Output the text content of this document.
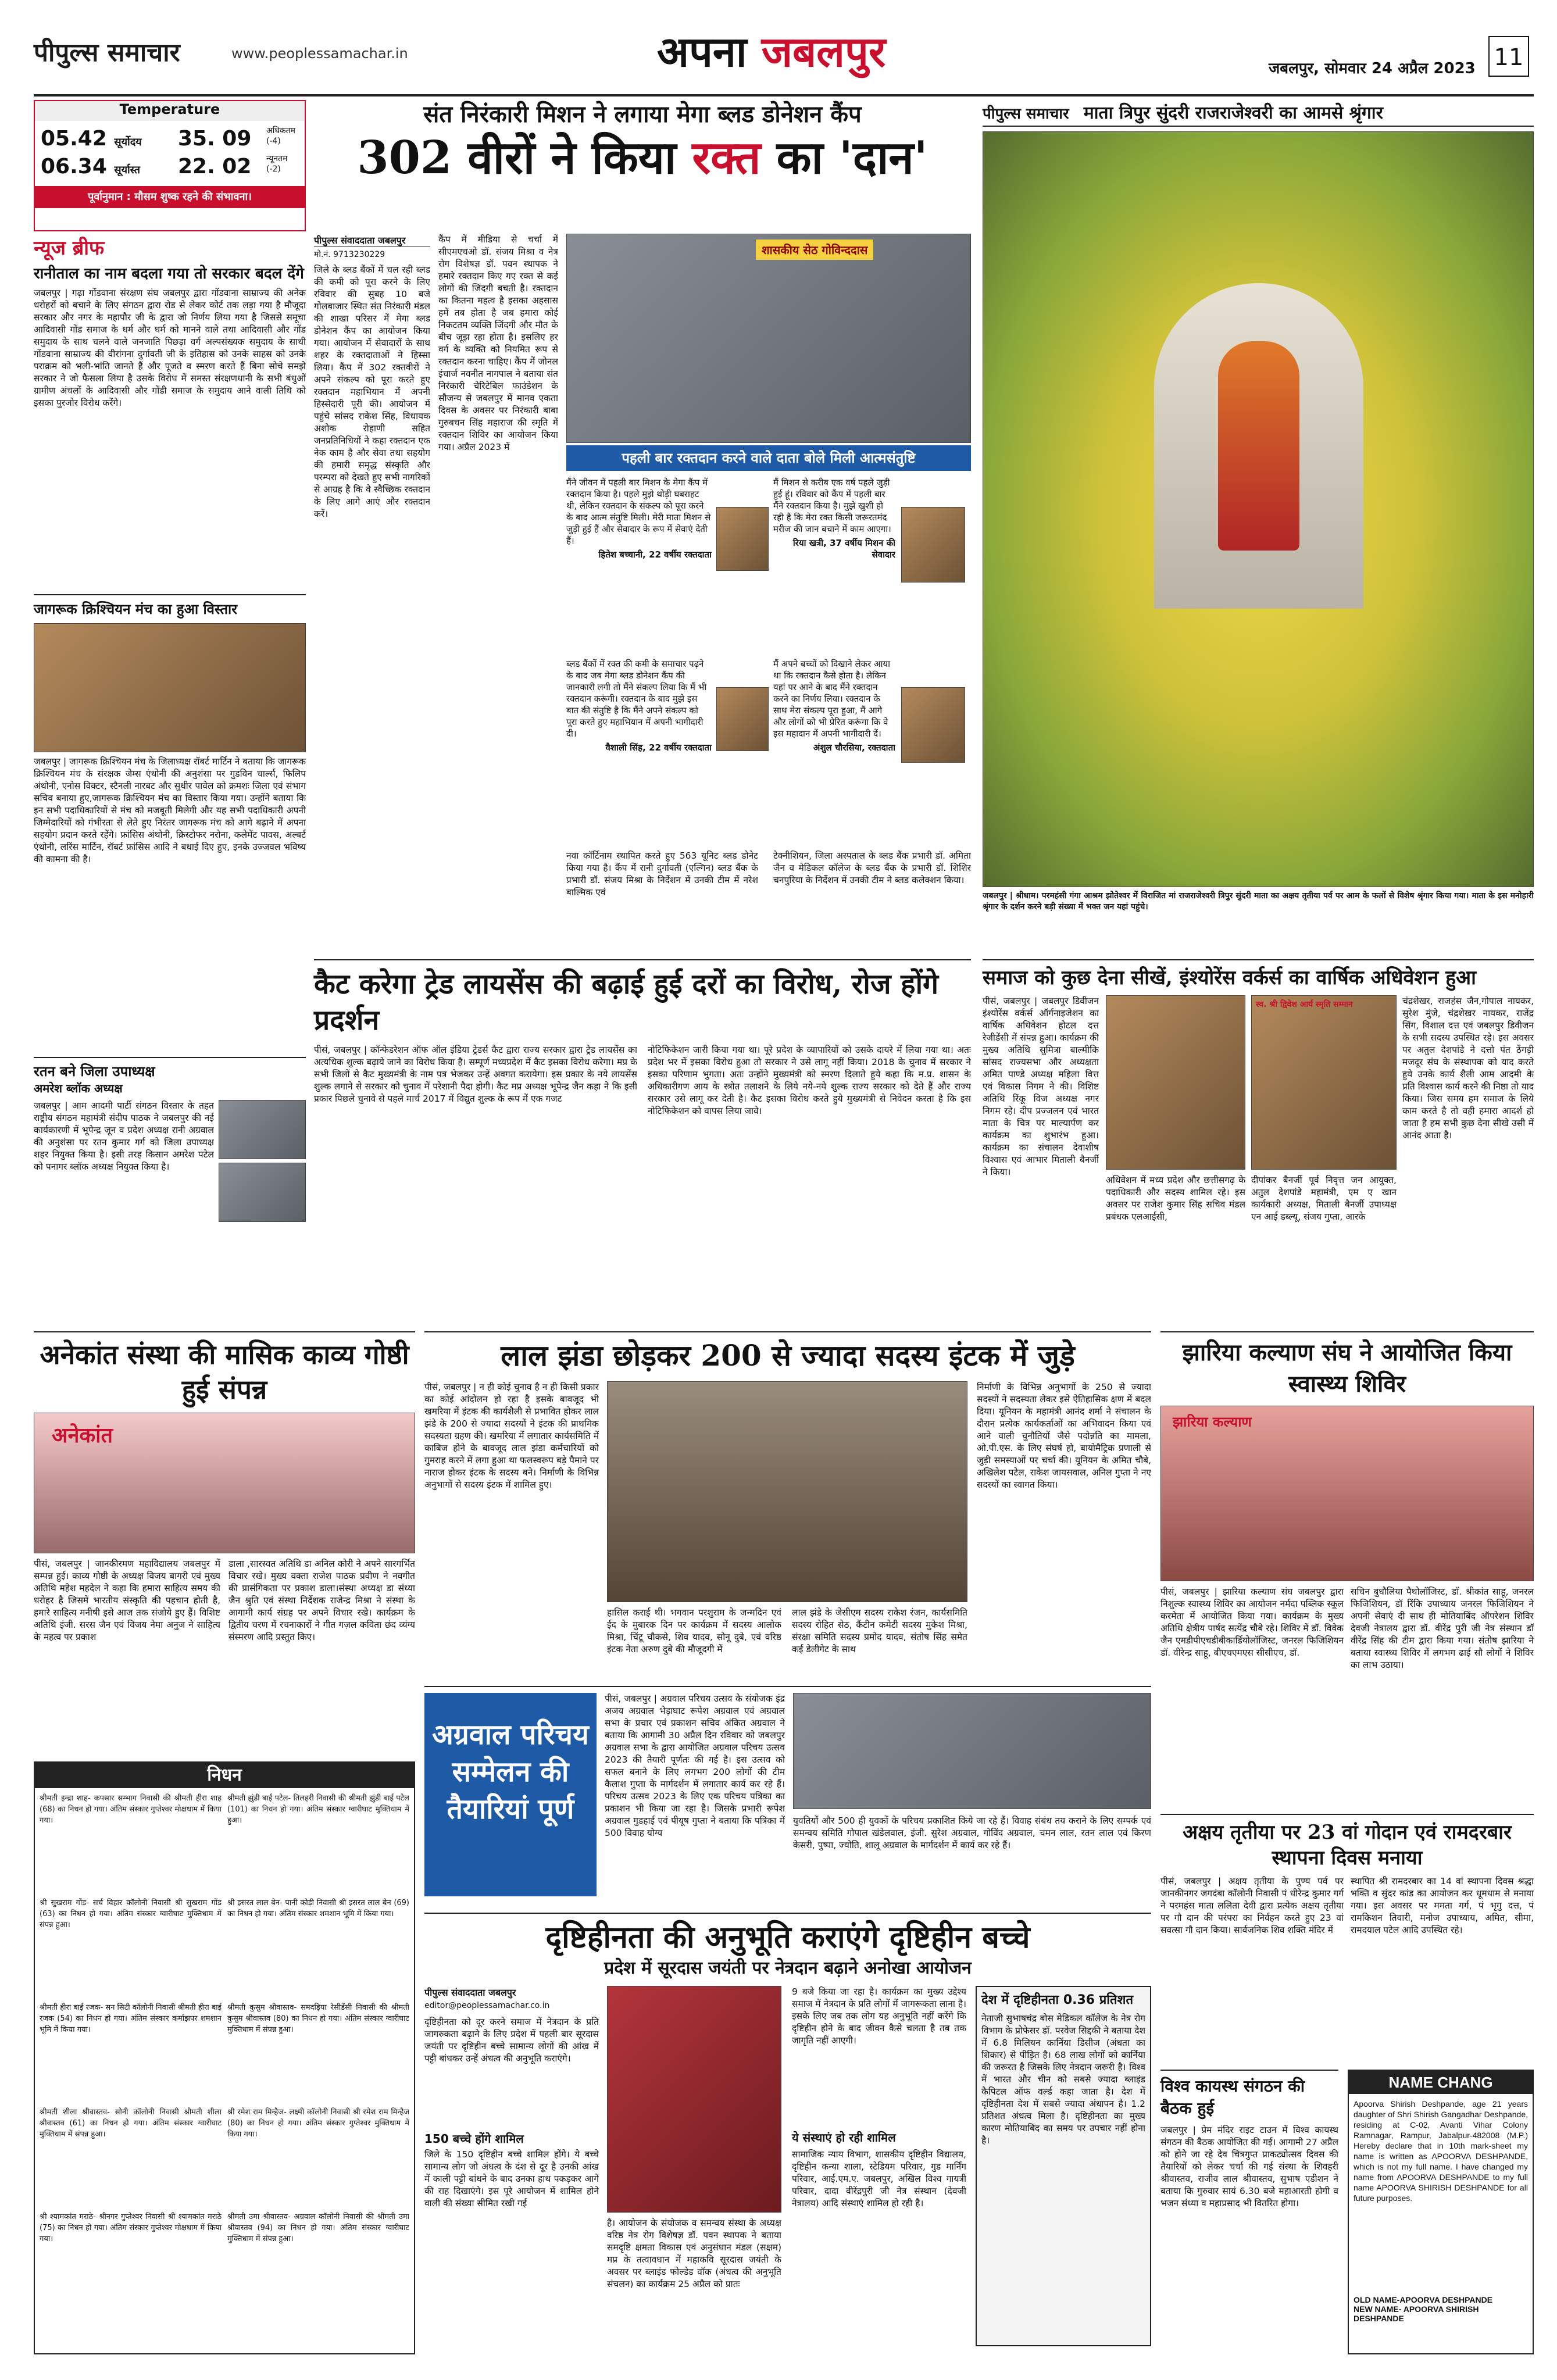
पीपुल्स समाचार	www.peoplessamachar.in	अपना जबलपुर	जबलपुर, सोमवार 24 अप्रैल 2023 11
Temperature
05.42 सूर्योदय
06.34 सूर्यास्त
35. 09 अधिकतम
(-4)
22. 02 न्यूनतम
(-2)
पूर्वानुमान : मौसम शुष्क रहने की संभावना।
न्यूज ब्रीफ
रानीताल का नाम बदला गया तो सरकार बदल देंगे
जबलपुर | गढ़ा गोंडवाना संरक्षण संघ जबलपुर द्वारा गोंडवाना साम्राज्य की अनेक धरोहरों को बचाने के लिए संगठन द्वारा रोड से लेकर कोर्ट तक लड़ा गया है मौजूदा सरकार और नगर के महापौर जी के द्वारा जो निर्णय लिया गया है जिससे समूचा आदिवासी गोंड समाज के धर्म और धर्म को मानने वाले तथा आदिवासी और गोंड समुदाय के साथ चलने वाले जनजाति पिछड़ा वर्ग अल्पसंख्यक समुदाय के साथी गोंडवाना साम्राज्य की वीरांगना दुर्गावती जी के इतिहास को उनके साहस को उनके पराक्रम को भली-भांति जानते हैं और पूजते व स्मरण करते हैं बिना सोचे समझे सरकार ने जो फैसला लिया है उसके विरोध में समस्त संरक्षणधानी के सभी बंधुओं ग्रामीण अंचलों के आदिवासी और गोंडी समाज के समुदाय आने वाली तिथि को इसका पुरजोर विरोध करेंगे।
जागरूक क्रिश्चियन मंच का हुआ विस्तार
जबलपुर | जागरूक क्रिश्चियन मंच के जिलाध्यक्ष रॉबर्ट मार्टिन ने बताया कि जागरूक क्रिश्चियन मंच के संरक्षक जेम्स एंथोनी की अनुशंसा पर गुडविन चार्ल्स, फिलिप अंथोनी, एनोस विक्टर, स्टैनली नारबट और सुधीर पावेल को क्रमशः जिला एवं संभाग सचिव बनाया हुए,जागरूक क्रिश्चियन मंच का विस्तार किया गया। उन्होंने बताया कि इन सभी पदाधिकारियों से मंच को मजबूती मिलेगी और यह सभी पदाधिकारी अपनी जिम्मेदारियों को गंभीरता से लेते हुए निरंतर जागरूक मंच को आगे बढ़ाने में अपना सहयोग प्रदान करते रहेंगे। फ्रांसिस अंथोनी, क्रिस्टोफर नरोना, कलेमेंट पावस, अल्बर्ट एंथोनी, लरिंस मार्टिन, रॉबर्ट फ्रांसिस आदि ने बधाई दिए हुए, इनके उज्जवल भविष्य की कामना की है।
रतन बने जिला उपाध्यक्ष
अमरेश ब्लॉक अध्यक्ष
जबलपुर | आम आदमी पार्टी संगठन विस्तार के तहत राष्ट्रीय संगठन महामंत्री संदीप पाठक ने जबलपुर की नई कार्यकारणी में भूपेन्द्र जून व प्रदेश अध्यक्ष रानी अग्रवाल की अनुशंसा पर रतन कुमार गर्ग को जिला उपाध्यक्ष शहर नियुक्त किया है। इसी तरह किसान अमरेश पटेल को पनागर ब्लॉक अध्यक्ष नियुक्त किया है।
संत निरंकारी मिशन ने लगाया मेगा ब्लड डोनेशन कैंप
302 वीरों ने किया रक्त का 'दान'
पीपुल्स संवाददाता जबलपुर
मो.नं. 9713230229
जिले के ब्लड बैंकों में चल रही ब्लड की कमी को पूरा करने के लिए रविवार की सुबह 10 बजे गोलबाजार स्थित संत निरंकारी मंडल की शाखा परिसर में मेगा ब्लड डोनेशन कैंप का आयोजन किया गया। आयोजन में सेवादारों के साथ शहर के रक्तदाताओं ने हिस्सा लिया। कैंप में 302 रक्तवीरों ने अपने संकल्प को पूरा करते हुए रक्तदान महाभियान में अपनी हिस्सेदारी पूरी की। आयोजन में पहुंचे सांसद राकेश सिंह, विधायक अशोक रोहाणी सहित जनप्रतिनिधियों ने कहा रक्तदान एक नेक काम है और सेवा तथा सहयोग की हमारी समृद्ध संस्कृति और परम्परा को देखते हुए सभी नागरिकों से आग्रह है कि वे स्वैच्छिक रक्तदान के लिए आगे आएं और रक्तदान करें।
कैंप में मीडिया से चर्चा में सीएमएचओ डॉ. संजय मिश्रा व नेत्र रोग विशेषज्ञ डॉ. पवन स्थापक ने हमारे रक्तदान किए गए रक्त से कई लोगों की जिंदगी बचती है। रक्तदान का कितना महत्व है इसका अहसास हमें तब होता है जब हमारा कोई निकटतम व्यक्ति जिंदगी और मौत के बीच जूझ रहा होता है। इसलिए हर वर्ग के व्यक्ति को नियमित रूप से रक्तदान करना चाहिए। कैंप में जोनल इंचार्ज नवनीत नागपाल ने बताया संत निरंकारी चेरिटेबिल फाउंडेशन के सौजन्य से जबलपुर में मानव एकता दिवस के अवसर पर निरंकारी बाबा गुरुबचन सिंह महाराज की स्मृति में रक्तदान शिविर का आयोजन किया गया। अप्रैल 2023 में
शासकीय सेठ गोविन्ददास
पहली बार रक्तदान करने वाले दाता बोले मिली आत्मसंतुष्टि
मैंने जीवन में पहली बार मिशन के मेगा कैंप में रक्तदान किया है। पहले मुझे थोड़ी घबराहट थी, लेकिन रक्तदान के संकल्प को पूरा करने के बाद आत्म संतुष्टि मिली। मेरी माता मिशन से जुड़ी हुई हैं और सेवादार के रूप में सेवाएं देती हैं।
हितेश बच्चानी, 22 वर्षीय रक्तदाता
मैं मिशन से करीब एक वर्ष पहले जुड़ी हुई हूं। रविवार को कैंप में पहली बार मैंने रक्तदान किया है। मुझे खुशी हो रही है कि मेरा रक्त किसी जरूरतमंद मरीज की जान बचाने में काम आएगा।
रिया खत्री, 37 वर्षीय मिशन की सेवादार
ब्लड बैंकों में रक्त की कमी के समाचार पढ़ने के बाद जब मेगा ब्लड डोनेशन कैंप की जानकारी लगी तो मैंने संकल्प लिया कि मैं भी रक्तदान करूंगी। रक्तदान के बाद मुझे इस बात की संतुष्टि है कि मैंने अपने संकल्प को पूरा करते हुए महाभियान में अपनी भागीदारी दी।
वैशाली सिंह, 22 वर्षीय रक्तदाता
मैं अपने बच्चों को दिखाने लेकर आया था कि रक्तदान कैसे होता है। लेकिन यहां पर आने के बाद मैंने रक्तदान करने का निर्णय लिया। रक्तदान के साथ मेरा संकल्प पूरा हुआ, मैं आगे और लोगों को भी प्रेरित करूंगा कि वे इस महादान में अपनी भागीदारी दें।
अंशुल चौरसिया, रक्तदाता
नवा कॉर्टिनाम स्थापित करते हुए 563 यूनिट ब्लड डोनेट किया गया है। कैंप में रानी दुर्गावती (एल्गिन) ब्लड बैंक के प्रभारी डॉ. संजय मिश्रा के निर्देशन में उनकी टीम में नरेश बाल्मिक एवं
टेक्नीशियन, जिला अस्पताल के ब्लड बैंक प्रभारी डॉ. अमिता जैन व मेडिकल कॉलेज के ब्लड बैंक के प्रभारी डॉ. शिशिर चनपुरिया के निर्देशन में उनकी टीम ने ब्लड कलेक्शन किया।
पीपुल्स समाचार माता त्रिपुर सुंदरी राजराजेश्वरी का आमसे श्रृंगार
जबलपुर | श्रीधाम। परमहंसी गंगा आश्रम झोतेश्वर में विराजित मां राजराजेश्वरी त्रिपुर सुंदरी माता का अक्षय तृतीया पर्व पर आम के फलों से विशेष श्रृंगार किया गया। माता के इस मनोहारी श्रृंगार के दर्शन करने बड़ी संख्या में भक्त जन यहां पहुंचे।
कैट करेगा ट्रेड लायसेंस की बढ़ाई हुई दरों का विरोध, रोज होंगे प्रदर्शन
पीसं, जबलपुर | कॉन्फेडरेशन ऑफ ऑल इंडिया ट्रेडर्स कैट द्वारा राज्य सरकार द्वारा ट्रेड लायसेंस का अत्यधिक शुल्क बढ़ाये जाने का विरोध किया है। सम्पूर्ण मध्यप्रदेश में कैट इसका विरोध करेगा। मप्र के सभी जिलों से कैट मुख्यमंत्री के नाम पत्र भेजकर उन्हें अवगत करायेगा। इस प्रकार के नये लायसेंस शुल्क लगाने से सरकार को चुनाव में परेशानी पैदा होगी। कैट मप्र अध्यक्ष भूपेन्द्र जैन कहा ने कि इसी प्रकार पिछले चुनावे से पहले मार्च 2017 में विद्युत शुल्क के रूप में एक गजट
नोटिफिकेशन जारी किया गया था। पूरे प्रदेश के व्यापारियों को उसके दायरे में लिया गया था। अतः प्रदेश भर में इसका विरोध हुआ तो सरकार ने उसे लागू नहीं किया। 2018 के चुनाव में सरकार ने इसका परिणाम भुगता। अतः उन्होंने मुख्यमंत्री को स्मरण दिलाते हुये कहा कि म.प्र. शासन के अधिकारीगण आय के स्त्रोत तलाशने के लिये नये-नये शुल्क राज्य सरकार को देते हैं और राज्य सरकार उसे लागू कर देती है। कैट इसका विरोध करते हुये मुख्यमंत्री से निवेदन करता है कि इस नोटिफिकेशन को वापस लिया जावे।
समाज को कुछ देना सीखें, इंश्योरेंस वर्कर्स का वार्षिक अधिवेशन हुआ
पीसं, जबलपुर | जबलपुर डिवीजन इंश्योरेंस वर्कर्स ऑर्गनाइजेशन का वार्षिक अधिवेशन होटल दत्त रेजीडेंसी में संपन्न हुआ। कार्यक्रम की मुख्य अतिथि सुमित्रा बाल्मीकि सांसद राज्यसभा और अध्यक्षता अमित पाण्डे अध्यक्ष महिला वित्त एवं विकास निगम ने की। विशिष्ट अतिथि रिंकू विज अध्यक्ष नगर निगम रहे। दीप प्रज्जलन एवं भारत माता के चित्र पर माल्यार्पण कर कार्यक्रम का शुभारंभ हुआ। कार्यक्रम का संचालन देवाशीष विश्वास एवं आभार मिताली बैनर्जी ने किया।
स्व. श्री द्विवेश आर्य स्मृति सम्मान
अधिवेशन में मध्य प्रदेश और छत्तीसगढ़ के पदाधिकारी और सदस्य शामिल रहे। इस अवसर पर राजेश कुमार सिंह सचिव मंडल प्रबंधक एलआईसी,
दीपांकर बैनर्जी पूर्व निवृत्त जन आयुक्त, अतुल देशपांडे महामंत्री, एम ए खान कार्यकारी अध्यक्ष, मिताली बैनर्जी उपाध्यक्ष एन आई डब्ल्यू, संजय गुप्ता, आरके
चंद्रशेखर, राजहंस जैन,गोपाल नायकर, सुरेश मुंजे, चंद्रशेखर नायकर, राजेंद्र सिंग, विशाल दत्त एवं जबलपुर डिवीजन के सभी सदस्य उपस्थित रहे। इस अवसर पर अतुल देशपांडे ने दत्तो पंत ठेंगड़ी मजदूर संघ के संस्थापक को याद करते हुये उनके कार्य शैली आम आदमी के प्रति विश्वास कार्य करने की निष्ठा तो याद किया। जिस समय हम समाज के लिये काम करते है तो वही हमारा आदर्श हो जाता है हम सभी कुछ देना सीखे उसी में आनंद आता है।
अनेकांत संस्था की मासिक काव्य गोष्ठी हुई संपन्न
अनेकांत
पीसं, जबलपुर | जानकीरमण महाविद्यालय जबलपुर में सम्पन्न हुई। काव्य गोष्ठी के अध्यक्ष विजय बागरी एवं मुख्य अतिथि महेश महदेल ने कहा कि हमारा साहित्य समय की धरोहर है जिसमें भारतीय संस्कृति की पहचान होती है, हमारे साहित्य मनीषी इसे आज तक संजोये हुए हैं। विशिष्ट अतिथि इंजी. सरस जैन एवं विजय नेमा अनुज ने साहित्य के महत्व पर प्रकाश
डाला ,सारस्वत अतिथि डा अनिल कोरी ने अपने सारगर्भित विचार रखे। मुख्य वक्ता राजेश पाठक प्रवीण ने नवगीत की प्रासंगिकता पर प्रकाश डाला।संस्था अध्यक्ष डा संध्या जैन श्रुति एवं संस्था निर्देशक राजेन्द्र मिश्रा ने संस्था के आगामी कार्य संग्रह पर अपने विचार रखे। कार्यक्रम के द्वितीय चरण में रचनाकारों ने गीत गज़ल कविता छंद व्यंग्य संस्मरण आदि प्रस्तुत किए।
निधन
श्रीमती इन्द्रा शाह- कपसार सम्भाग निवासी की श्रीमती हीरा शाह (68) का निधन हो गया। अंतिम संस्कार गुप्तेश्वर मोक्षधाम में किया गया।
श्री सुखराम गोंड- सर्च विहार कॉलोनी निवासी श्री सुखराम गोंड (63) का निधन हो गया। अंतिम संस्कार ग्वारीघाट मुक्तिधाम में संपन्न हुआ।
श्रीमती हीरा बाई रजक- सन सिटी कॉलोनी निवासी श्रीमती हीरा बाई रजक (54) का निधन हो गया। अंतिम संस्कार कर्माझपर शमशान भूमि में किया गया।
श्रीमती शीला श्रीवास्तव- सोनी कॉलोनी निवासी श्रीमती शीला श्रीवास्तव (61) का निधन हो गया। अंतिम संस्कार ग्वारीघाट मुक्तिधाम में संपन्न हुआ।
श्री श्यामकांत मराठे- श्रीनगर गुप्तेश्वर निवासी श्री श्यामकांत मराठे (75) का निधन हो गया। अंतिम संस्कार गुप्तेश्वर मोक्षधाम में किया गया।
श्रीमती झुंडी बाई पटेल- तिलहरी निवासी की श्रीमती झुंडी बाई पटेल (101) का निधन हो गया। अंतिम संस्कार ग्वारीघाट मुक्तिधाम में हुआ।
श्री इसरत लाल बेन- पानी कोड़ी निवासी श्री इसरत लाल बेन (69) का निधन हो गया। अंतिम संस्कार शमशान भूमि में किया गया।
श्रीमती कुसुम श्रीवास्तव- समदड़िया रेसीडेंसी निवासी की श्रीमती कुसुम श्रीवास्तव (80) का निधन हो गया। अंतिम संस्कार ग्वारीघाट मुक्तिधाम में संपन्न हुआ।
श्री रमेश राम मिन्हैज- लक्ष्मी कॉलोनी निवासी श्री रमेश राम मिन्हैज (80) का निधन हो गया। अंतिम संस्कार गुप्तेश्वर मुक्तिधाम में किया गया।
श्रीमती उमा श्रीवास्तव- अग्रवाल कॉलोनी निवासी की श्रीमती उमा श्रीवास्तव (94) का निधन हो गया। अंतिम संस्कार ग्वारीघाट मुक्तिधाम में संपन्न हुआ।
लाल झंडा छोड़कर 200 से ज्यादा सदस्य इंटक में जुड़े
पीसं, जबलपुर | न ही कोई चुनाव है न ही किसी प्रकार का कोई आंदोलन हो रहा है इसके बावजूद भी खमरिया में इंटक की कार्यशैली से प्रभावित होकर लाल झंडे के 200 से ज्यादा सदस्यों ने इंटक की प्राथमिक सदस्यता ग्रहण की। खमरिया में लगातार कार्यसमिति में काबिज होने के बावजूद लाल झंडा कर्मचारियों को गुमराह करने में लगा हुआ था फलस्वरूप बड़े पैमाने पर नाराज होकर इंटक के सदस्य बने। निर्माणी के विभिन्न अनुभागों से सदस्य इंटक में शामिल हुए।
हासिल कराई थी। भगवान परशुराम के जन्मदिन एवं ईद के मुबारक दिन पर कार्यक्रम में सदस्य आलोक मिश्रा, चिंटू चौकसे, शिव यादव, सोनू दुबे, एवं वरिष्ठ इंटक नेता अरुण दुबे की मौजूदगी में
लाल झंडे के जेसीएम सदस्य राकेश रंजन, कार्यसमिति सदस्य रोहित सेठ, कैंटीन कमेटी सदस्य मुकेश मिश्रा, संरक्षा समिति सदस्य प्रमोद यादव, संतोष सिंह समेत कई डेलीगेट के साथ
निर्माणी के विभिन्न अनुभागों के 250 से ज्यादा सदस्यों ने सदस्यता लेकर इसे ऐतिहासिक क्षण में बदल दिया। यूनियन के महामंत्री आनंद शर्मा ने संचालन के दौरान प्रत्येक कार्यकर्ताओं का अभिवादन किया एवं आने वाली चुनौतियों जैसे पदोन्नति का मामला, ओ.पी.एस. के लिए संघर्ष हो, बायोमैट्रिक प्रणाली से जुड़ी समस्याओं पर चर्चा की। यूनियन के अमित चौबे, अखिलेश पटेल, राकेश जायसवाल, अनिल गुप्ता ने नए सदस्यों का स्वागत किया।
अग्रवाल परिचय सम्मेलन की तैयारियां पूर्ण
पीसं, जबलपुर | अग्रवाल परिचय उत्सव के संयोजक इंद्र अजय अग्रवाल भेड़ाघाट रूपेश अग्रवाल एवं अग्रवाल सभा के प्रचार एवं प्रकाशन सचिव अंकित अग्रवाल ने बताया कि आगामी 30 अप्रैल दिन रविवार को जबलपुर अग्रवाल सभा के द्वारा आयोजित अग्रवाल परिचय उत्सव 2023 की तैयारी पूर्णतः की गई है। इस उत्सव को सफल बनाने के लिए लगभग 200 लोगों की टीम कैलाश गुप्ता के मार्गदर्शन में लगातार कार्य कर रहे हैं। परिचय उत्सव 2023 के लिए एक परिचय पत्रिका का प्रकाशन भी किया जा रहा है। जिसके प्रभारी रूपेश अग्रवाल गुडहाई एवं पीयूष गुप्ता ने बताया कि पत्रिका में 500 विवाह योग्य
युवतियों और 500 ही युवकों के परिचय प्रकाशित किये जा रहे हैं। विवाह संबंध तय कराने के लिए सम्पर्क एवं समन्वय समिति गोपाल खंडेलवाल, इंजी. सुरेश अग्रवाल, गोविंद अग्रवाल, चमन लाल, रतन लाल एवं किरण केसरी, पुष्पा, ज्योति, शालू अग्रवाल के मार्गदर्शन में कार्य कर रहे हैं।
झारिया कल्याण संघ ने आयोजित किया स्वास्थ्य शिविर
झारिया कल्याण
पीसं, जबलपुर | झारिया कल्याण संघ जबलपुर द्वारा निशुल्क स्वास्थ्य शिविर का आयोजन नर्मदा पब्लिक स्कूल करमेता में आयोजित किया गया। कार्यक्रम के मुख्य अतिथि क्षेत्रीय पार्षद सत्येंद्र चौबे रहे। शिविर में डॉ. विवेक जैन एमडीपीएचडीबीकार्डियोलॉजिस्ट, जनरल फिजिशियन डॉ. वीरेन्द्र साहू, बीएचएमएस सीसीएच, डॉ.
सचिन बुधौलिया पैथोलॉजिस्ट, डॉ. श्रीकांत साहू, जनरल फिजिशियन, डॉ रिंकि उपाध्याय जनरल फिजिशियन ने अपनी सेवाएं दी साथ ही मोतियाबिंद ऑपरेशन शिविर देवजी नेत्रालय द्वारा डॉ. वीरेंद्र पुरी जी नेत्र संस्थान डॉ वीरेंद्र सिंह की टीम द्वारा किया गया। संतोष झारिया ने बताया स्वास्थ्य शिविर में लगभग ढाई सौ लोगों ने शिविर का लाभ उठाया।
अक्षय तृतीया पर 23 वां गोदान एवं रामदरबार स्थापना दिवस मनाया
पीसं, जबलपुर | अक्षय तृतीया के पुण्य पर्व पर जानकीनगर जगदंबा कॉलोनी निवासी पं धीरेन्द्र कुमार गर्ग ने परमहंस माता ललिता देवी द्वारा प्रत्येक अक्षय तृतीया पर गौ दान की परंपरा का निर्वहन करते हुए 23 वां सवत्सा गौ दान किया। सार्वजनिक शिव शक्ति मंदिर में
स्थापित श्री रामदरबार का 14 वां स्थापना दिवस श्रद्धा भक्ति व सुंदर कांड का आयोजन कर धूमधाम से मनाया गया। इस अवसर पर ममता गर्ग, पं भृगु दत्त, पं रामकिशन तिवारी, मनोज उपाध्याय, अमित, सीमा, रामदयाल पटेल आदि उपस्थित रहे।
दृष्टिहीनता की अनुभूति कराएंगे दृष्टिहीन बच्चे
प्रदेश में सूरदास जयंती पर नेत्रदान बढ़ाने अनोखा आयोजन
पीपुल्स संवाददाता जबलपुर
editor@peoplessamachar.co.in
दृष्टिहीनता को दूर करने समाज में नेत्रदान के प्रति जागरुकता बढ़ाने के लिए प्रदेश में पहली बार सूरदास जयंती पर दृष्टिहीन बच्चे सामान्य लोगों की आंख में पट्टी बांधकर उन्हें अंधत्व की अनुभूति कराएंगे।
150 बच्चे होंगे शामिल
जिले के 150 दृष्टिहीन बच्चे शामिल होंगे। ये बच्चे सामान्य लोग जो अंधत्व के दंश से दूर है उनकी आंख में काली पट्टी बांधने के बाद उनका हाथ पकड़कर आगे की राह दिखाएंगे। इस पूरे आयोजन में शामिल होने वाली की संख्या सीमित रखी गई
है। आयोजन के संयोजक व समन्वय संस्था के अध्यक्ष वरिष्ठ नेत्र रोग विशेषज्ञ डॉ. पवन स्थापक ने बताया समदृष्टि क्षमता विकास एवं अनुसंधान मंडल (सक्षम) मप्र के तत्वावधान में महाकवि सूरदास जयंती के अवसर पर ब्लाइंड फोल्डेड वॉक (अंधत्व की अनुभूति संचलन) का कार्यक्रम 25 अप्रैल को प्रातः
9 बजे किया जा रहा है। कार्यक्रम का मुख्य उद्देश्य समाज में नेत्रदान के प्रति लोगों में जागरूकता लाना है। इसके लिए जब तक लोग यह अनुभूति नहीं करेंगे कि दृष्टिहीन होने के बाद जीवन कैसे चलता है तब तक जागृति नहीं आएगी।
ये संस्थाएं हो रही शामिल
सामाजिक न्याय विभाग, शासकीय दृष्टिहीन विद्यालय, दृष्टिहीन कन्या शाला, स्टेडियम परिवार, गुड मार्निंग परिवार, आई.एम.ए. जबलपुर, अखिल विश्व गायत्री परिवार, दादा वीरेंद्रपुरी जी नेत्र संस्थान (देवजी नेत्रालय) आदि संस्थाएं शामिल हो रही है।
देश में दृष्टिहीनता 0.36 प्रतिशत
नेताजी सुभाषचंद्र बोस मेडिकल कॉलेज के नेत्र रोग विभाग के प्रोफेसर डॉ. परवेज सिद्दकी ने बताया देश में 6.8 मिलियन कार्निया डिसीज (अंधता का शिकार) से पीड़ित है। 68 लाख लोगों को कार्निया की जरूरत है जिसके लिए नेत्रदान जरूरी है। विश्व में भारत और चीन को सबसे ज्यादा ब्लाइंड कैपिटल ऑफ वर्ल्ड कहा जाता है। देश में दृष्टिहीनता देश में सबसे ज्यादा अंधापन है। 1.2 प्रतिशत अंधत्व मिला है। दृष्टिहीनता का मुख्य कारण मोतियाबिंद का समय पर उपचार नहीं होना है।
विश्व कायस्थ संगठन की बैठक हुई
जबलपुर | प्रेम मंदिर राइट टाउन में विश्व कायस्थ संगठन की बैठक आयोजित की गई। आगामी 27 अप्रैल को होने जा रहे देव चित्रगुप्त प्राकट्योत्सव दिवस की तैयारियों को लेकर चर्चा की गई संस्था के शिवहरी श्रीवास्तव, राजीव लाल श्रीवास्तव, सुभाष एडीशन ने बताया कि गुरुवार सायं 6.30 बजे महाआरती होगी व भजन संध्या व महाप्रसाद भी वितरित होगा।
NAME CHANG
Apoorva Shirish Deshpande, age 21 years daughter of Shri Shirish Gangadhar Deshpande, residing at C-02, Avanti Vihar Colony Ramnagar, Rampur, Jabalpur-482008 (M.P.) Hereby declare that in 10th mark-sheet my name is written as APOORVA DESHPANDE, which is not my full name. I have changed my name from APOORVA DESHPANDE to my full name APOORVA SHIRISH DESHPANDE for all future purposes.
OLD NAME-APOORVA DESHPANDE
NEW NAME- APOORVA SHIRISH DESHPANDE
